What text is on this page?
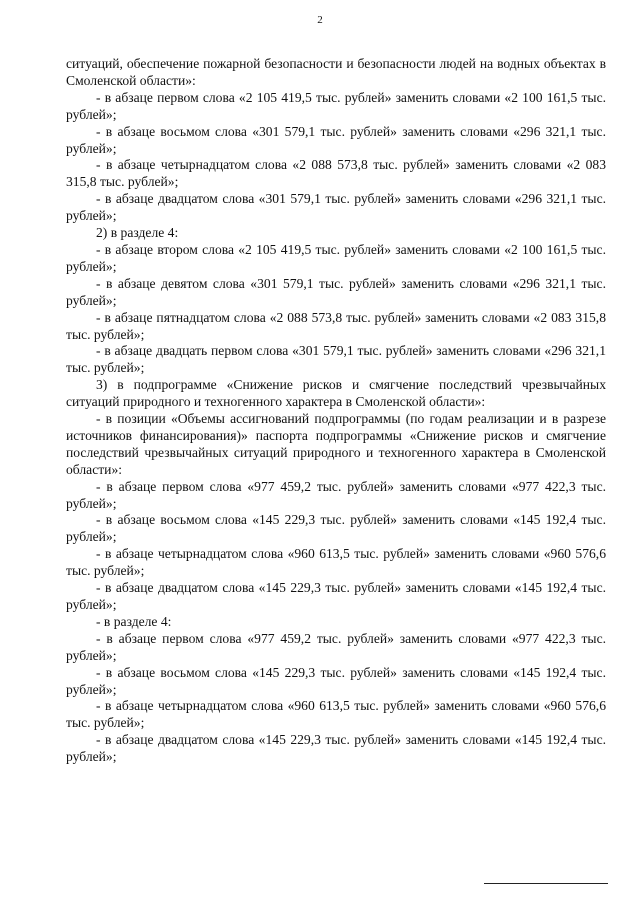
2

ситуаций, обеспечение пожарной безопасности и безопасности людей на водных объектах в Смоленской области»:

- в абзаце первом слова «2 105 419,5 тыс. рублей» заменить словами «2 100 161,5 тыс. рублей»;

- в абзаце восьмом слова «301 579,1 тыс. рублей» заменить словами «296 321,1 тыс. рублей»;

- в абзаце четырнадцатом слова «2 088 573,8 тыс. рублей» заменить словами «2 083 315,8 тыс. рублей»;

- в абзаце двадцатом слова «301 579,1 тыс. рублей» заменить словами «296 321,1 тыс. рублей»;

2) в разделе 4:

- в абзаце втором слова «2 105 419,5 тыс. рублей» заменить словами «2 100 161,5 тыс. рублей»;

- в абзаце девятом слова «301 579,1 тыс. рублей» заменить словами «296 321,1 тыс. рублей»;

- в абзаце пятнадцатом слова «2 088 573,8 тыс. рублей» заменить словами «2 083 315,8 тыс. рублей»;

- в абзаце двадцать первом слова «301 579,1 тыс. рублей» заменить словами «296 321,1 тыс. рублей»;

3) в подпрограмме «Снижение рисков и смягчение последствий чрезвычайных ситуаций природного и техногенного характера в Смоленской области»:

- в позиции «Объемы ассигнований подпрограммы (по годам реализации и в разрезе источников финансирования)» паспорта подпрограммы «Снижение рисков и смягчение последствий чрезвычайных ситуаций природного и техногенного характера в Смоленской области»:

- в абзаце первом слова «977 459,2 тыс. рублей» заменить словами «977 422,3 тыс. рублей»;

- в абзаце восьмом слова «145 229,3 тыс. рублей» заменить словами «145 192,4 тыс. рублей»;

- в абзаце четырнадцатом слова «960 613,5 тыс. рублей» заменить словами «960 576,6 тыс. рублей»;

- в абзаце двадцатом слова «145 229,3 тыс. рублей» заменить словами «145 192,4 тыс. рублей»;

- в разделе 4:

- в абзаце первом слова «977 459,2 тыс. рублей» заменить словами «977 422,3 тыс. рублей»;

- в абзаце восьмом слова «145 229,3 тыс. рублей» заменить словами «145 192,4 тыс. рублей»;

- в абзаце четырнадцатом слова «960 613,5 тыс. рублей» заменить словами «960 576,6 тыс. рублей»;

- в абзаце двадцатом слова «145 229,3 тыс. рублей» заменить словами «145 192,4 тыс. рублей»;
